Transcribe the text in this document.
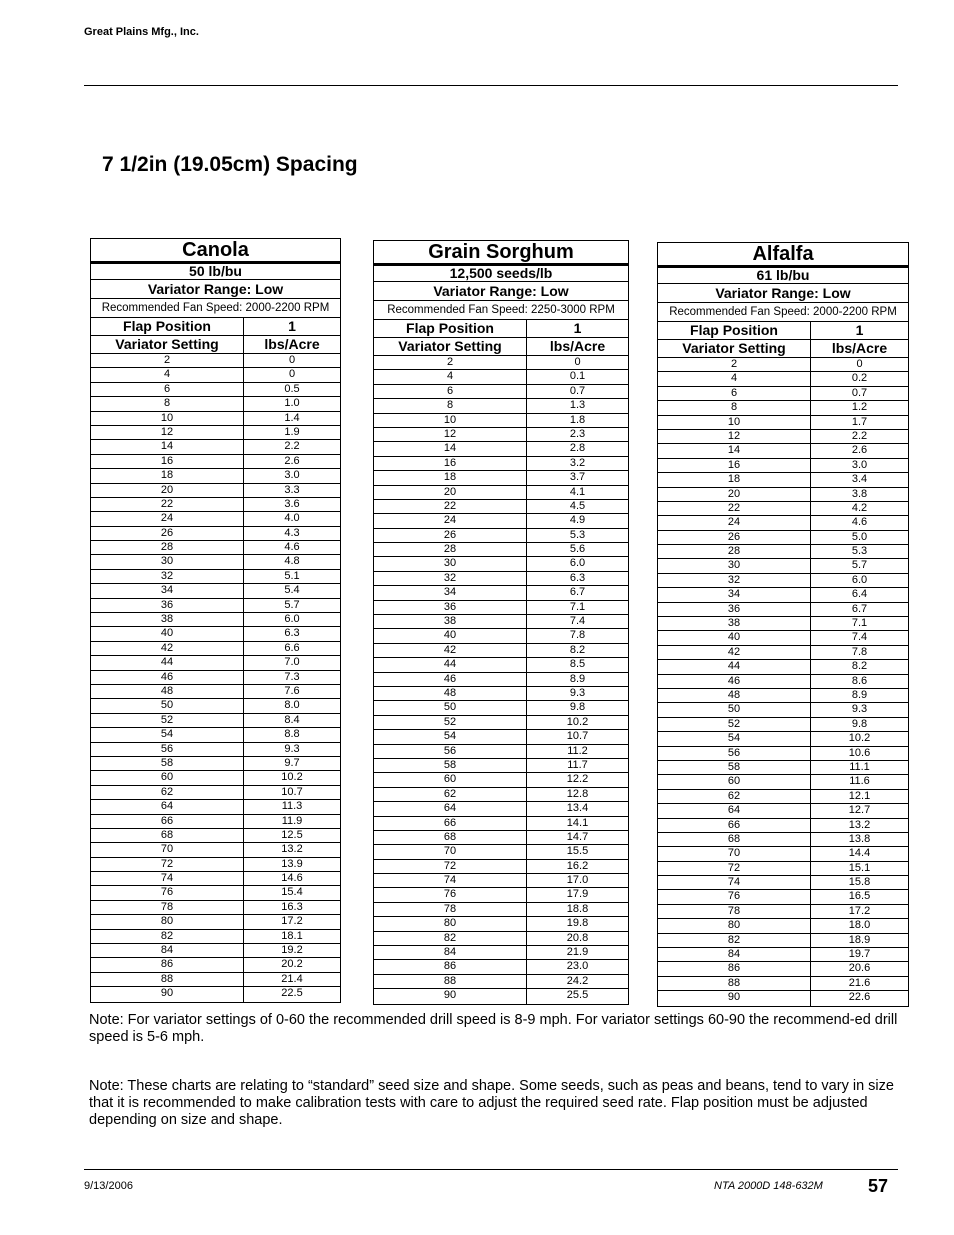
Great Plains Mfg., Inc.
7 1/2in (19.05cm) Spacing
Canola
50 lb/bu
Variator Range: Low
Recommended Fan Speed: 2000-2200 RPM
Flap Position	1
Variator Setting	lbs/Acre
2	0
4	0
6	0.5
8	1.0
10	1.4
12	1.9
14	2.2
16	2.6
18	3.0
20	3.3
22	3.6
24	4.0
26	4.3
28	4.6
30	4.8
32	5.1
34	5.4
36	5.7
38	6.0
40	6.3
42	6.6
44	7.0
46	7.3
48	7.6
50	8.0
52	8.4
54	8.8
56	9.3
58	9.7
60	10.2
62	10.7
64	11.3
66	11.9
68	12.5
70	13.2
72	13.9
74	14.6
76	15.4
78	16.3
80	17.2
82	18.1
84	19.2
86	20.2
88	21.4
90	22.5
Grain Sorghum
12,500 seeds/lb
Variator Range: Low
Recommended Fan Speed: 2250-3000 RPM
Flap Position	1
Variator Setting	lbs/Acre
2	0
4	0.1
6	0.7
8	1.3
10	1.8
12	2.3
14	2.8
16	3.2
18	3.7
20	4.1
22	4.5
24	4.9
26	5.3
28	5.6
30	6.0
32	6.3
34	6.7
36	7.1
38	7.4
40	7.8
42	8.2
44	8.5
46	8.9
48	9.3
50	9.8
52	10.2
54	10.7
56	11.2
58	11.7
60	12.2
62	12.8
64	13.4
66	14.1
68	14.7
70	15.5
72	16.2
74	17.0
76	17.9
78	18.8
80	19.8
82	20.8
84	21.9
86	23.0
88	24.2
90	25.5
Alfalfa
61 lb/bu
Variator Range: Low
Recommended Fan Speed: 2000-2200 RPM
Flap Position	1
Variator Setting	lbs/Acre
2	0
4	0.2
6	0.7
8	1.2
10	1.7
12	2.2
14	2.6
16	3.0
18	3.4
20	3.8
22	4.2
24	4.6
26	5.0
28	5.3
30	5.7
32	6.0
34	6.4
36	6.7
38	7.1
40	7.4
42	7.8
44	8.2
46	8.6
48	8.9
50	9.3
52	9.8
54	10.2
56	10.6
58	11.1
60	11.6
62	12.1
64	12.7
66	13.2
68	13.8
70	14.4
72	15.1
74	15.8
76	16.5
78	17.2
80	18.0
82	18.9
84	19.7
86	20.6
88	21.6
90	22.6
Note: For variator settings of 0-60 the recommended drill speed is 8-9 mph. For variator settings 60-90 the recommend-ed drill speed is 5-6 mph.
Note: These charts are relating to “standard” seed size and shape. Some seeds, such as peas and beans, tend to vary in size that it is recommended to make calibration tests with care to adjust the required seed rate. Flap position must be adjusted depending on size and shape.
9/13/2006	NTA 2000D 148-632M	57
